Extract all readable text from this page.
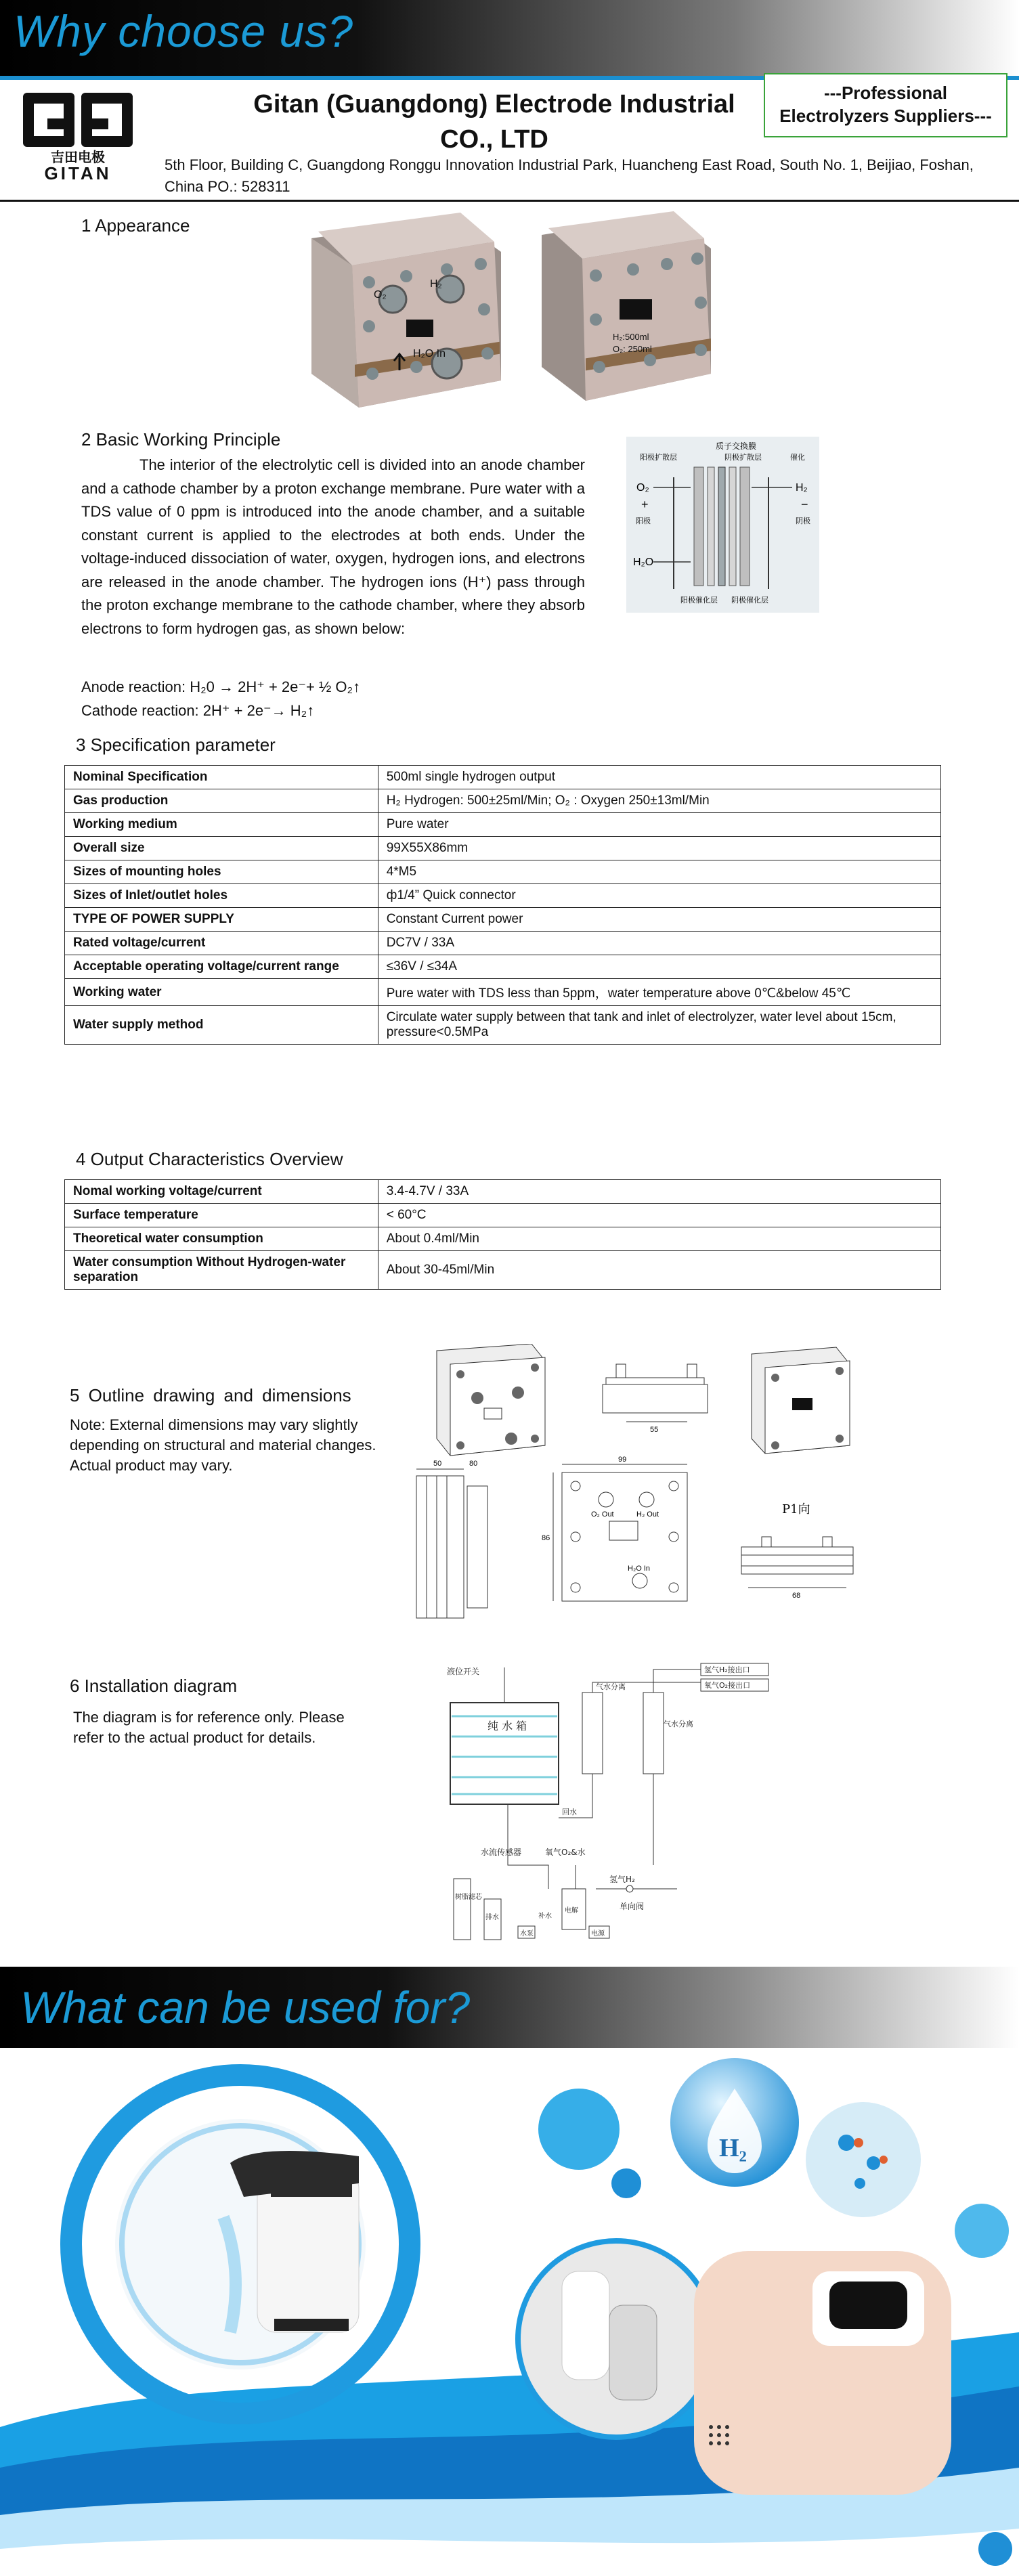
Why choose us?
吉田电极
GITAN
Gitan (Guangdong) Electrode Industrial
CO., LTD
---Professional
Electrolyzers Suppliers---
5th Floor, Building C, Guangdong Ronggu Innovation Industrial Park, Huancheng East Road, South No. 1, Beijiao, Foshan,
China PO.: 528311
1 Appearance
O₂
H₂
H₂O In
H₂:500ml
O₂: 250ml
2 Basic Working Principle
The interior of the electrolytic cell is divided into an anode chamber and a cathode chamber by a proton exchange membrane. Pure water with a TDS value of 0 ppm is introduced into the anode chamber, and a suitable constant current is applied to the electrodes at both ends. Under the voltage-induced dissociation of water, oxygen, hydrogen ions, and electrons are released in the anode chamber. The hydrogen ions (H⁺) pass through the proton exchange membrane to the cathode chamber, where they absorb electrons to form hydrogen gas, as shown below:
Anode reaction: H₂0 → 2H⁺ + 2e⁻+ ½ O₂↑
Cathode reaction: 2H⁺ + 2e⁻→ H₂↑
质子交换膜
阳极扩散层	阴极扩散层	催化
O₂	H₂
+	−
阳极	阴极
H₂O
阳极催化层 阴极催化层
3 Specification parameter
Nominal Specification	500ml single hydrogen output
Gas production	H₂ Hydrogen: 500±25ml/Min; O₂ : Oxygen 250±13ml/Min
Working medium	Pure water
Overall size	99X55X86mm
Sizes of mounting holes	4*M5
Sizes of Inlet/outlet holes	ф1/4” Quick connector
TYPE OF POWER SUPPLY	Constant Current power
Rated voltage/current	DC7V / 33A
Acceptable operating voltage/current range	≤36V / ≤34A
Working water	Pure water with TDS less than 5ppm，water temperature above 0℃&below 45℃
Water supply method	Circulate water supply between that tank and inlet of electrolyzer, water level about 15cm, pressure<0.5MPa
4 Output Characteristics Overview
Nomal working voltage/current	3.4-4.7V / 33A
Surface temperature	< 60°C
Theoretical water consumption	About 0.4ml/Min
Water consumption Without Hydrogen-water separation	About 30-45ml/Min
5 Outline drawing and dimensions
Note: External dimensions may vary slightly depending on structural and material changes. Actual product may vary.
55
50	80	99
86
O₂ Out	H₂ Out
H₂O In
P1向
68
6 Installation diagram
The diagram is for reference only. Please refer to the actual product for details.
液位开关
纯 水 箱
气水分离
气水分离
氢气H₂接出口
氧气O₂接出口
回水
水流传感器	氧气O₂&水
氢气H₂
单向阀
树脂滤芯
排水
水泵
补水
电解
电源
What can be used for?
H₂
